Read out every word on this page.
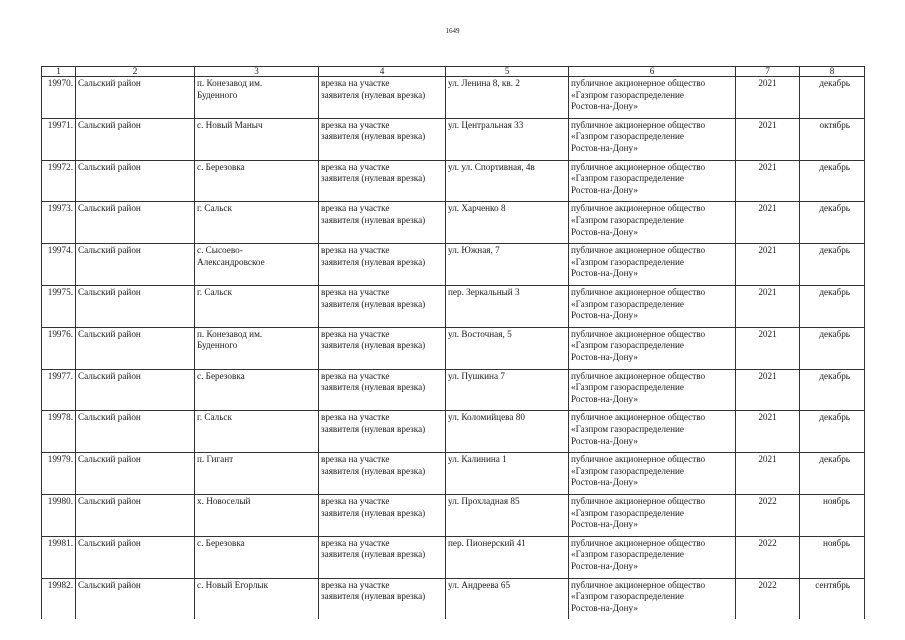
1649
1	2	3	4	5	6	7	8
19970.	Сальский район	п. Конезавод им.
Буденного	врезка на участке
заявителя (нулевая врезка)	ул. Ленина 8, кв. 2	публичное акционерное общество
«Газпром газораспределение
Ростов-на-Дону»	2021	декабрь
19971.	Сальский район	с. Новый Маныч	врезка на участке
заявителя (нулевая врезка)	ул. Центральная 33	публичное акционерное общество
«Газпром газораспределение
Ростов-на-Дону»	2021	октябрь
19972.	Сальский район	с. Березовка	врезка на участке
заявителя (нулевая врезка)	ул. ул. Спортивная, 4в	публичное акционерное общество
«Газпром газораспределение
Ростов-на-Дону»	2021	декабрь
19973.	Сальский район	г. Сальск	врезка на участке
заявителя (нулевая врезка)	ул. Харченко 8	публичное акционерное общество
«Газпром газораспределение
Ростов-на-Дону»	2021	декабрь
19974.	Сальский район	с. Сысоево-
Александровское	врезка на участке
заявителя (нулевая врезка)	ул. Южная, 7	публичное акционерное общество
«Газпром газораспределение
Ростов-на-Дону»	2021	декабрь
19975.	Сальский район	г. Сальск	врезка на участке
заявителя (нулевая врезка)	пер. Зеркальный 3	публичное акционерное общество
«Газпром газораспределение
Ростов-на-Дону»	2021	декабрь
19976.	Сальский район	п. Конезавод им.
Буденного	врезка на участке
заявителя (нулевая врезка)	ул. Восточная, 5	публичное акционерное общество
«Газпром газораспределение
Ростов-на-Дону»	2021	декабрь
19977.	Сальский район	с. Березовка	врезка на участке
заявителя (нулевая врезка)	ул. Пушкина 7	публичное акционерное общество
«Газпром газораспределение
Ростов-на-Дону»	2021	декабрь
19978.	Сальский район	г. Сальск	врезка на участке
заявителя (нулевая врезка)	ул. Коломийцева 80	публичное акционерное общество
«Газпром газораспределение
Ростов-на-Дону»	2021	декабрь
19979.	Сальский район	п. Гигант	врезка на участке
заявителя (нулевая врезка)	ул. Калинина 1	публичное акционерное общество
«Газпром газораспределение
Ростов-на-Дону»	2021	декабрь
19980.	Сальский район	х. Новоселый	врезка на участке
заявителя (нулевая врезка)	ул. Прохладная 85	публичное акционерное общество
«Газпром газораспределение
Ростов-на-Дону»	2022	ноябрь
19981.	Сальский район	с. Березовка	врезка на участке
заявителя (нулевая врезка)	пер. Пионерский 41	публичное акционерное общество
«Газпром газораспределение
Ростов-на-Дону»	2022	ноябрь
19982.	Сальский район	с. Новый Егорлык	врезка на участке
заявителя (нулевая врезка)	ул. Андреева 65	публичное акционерное общество
«Газпром газораспределение
Ростов-на-Дону»	2022	сентябрь
